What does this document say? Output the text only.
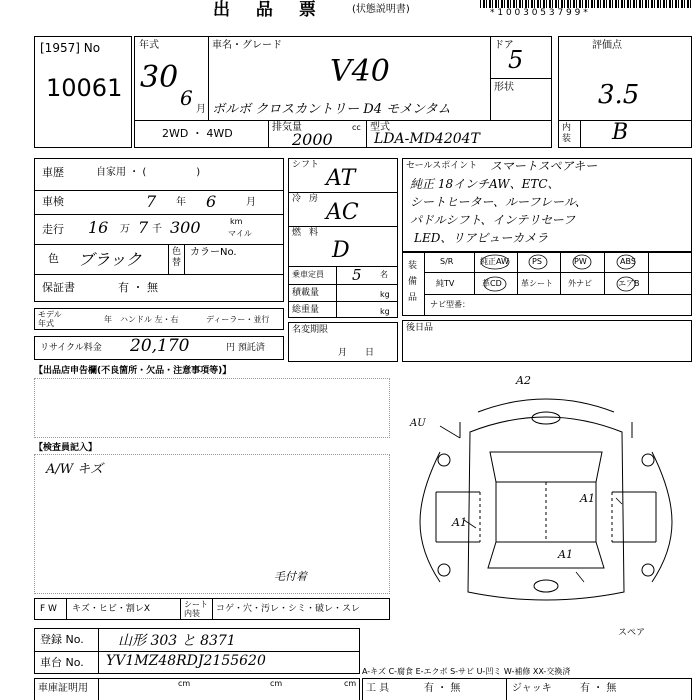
出 品 票	(状態説明書)	* 1 0 0 3 0 5 3 7 9 9 *
[1957] No
10061
年式
30
6 月
車名・グレード
V40
ボルボ クロスカントリー D4 モメンタム
ドア
5
形状
2WD ・ 4WD	排気量	cc
2000
型式
LDA-MD4204T
評価点
3.5
内装 B
車歴	自家用 ・ (　　　　　)
車検	7 年 6	月
走行 16 万 7 千 300	km
マイル
色 ブラック	色替
カラーNo.
保証書	有 ・ 無
モデル年式	年 ハンドル 左・右	ディーラー・並行
リサイクル料金 20,170	円 預託済
シフト
AT
冷房
AC
燃料
D
乗車定員 5 名
積載量	kg
総重量	kg
名変期限
月　　日
セールスポイント スマートスペアキー
純正 18インチAW、ETC、
シートヒーター、ルーフレール、
パドルシフト、インテリセーフ
LED、リアビューカメラ
装備品
S/R	純正AW	PS	PW	ABS
純TV	革CD 革シート 外ナビ	エアB
ナビ型番：
後日品
【出品店申告欄(不良箇所・欠品・注意事項等)】
【検査員記入】
A/W キズ
A2
AU
A1
A1
A1
毛付着
スペア
F W キズ・ヒビ・割レX	シート内装	コゲ・穴・汚レ・シミ・破レ・スレ
登録 No. 山形 303 と 8371
車台 No. YV1MZ48RDJ2155620
A-キズ C-腐食 E-エクボ S-サビ U-凹ミ W-補修 XX-交換済
車庫証明用	cm	cm	cm 工 具	有 ・ 無	ジャッキ	有 ・ 無
